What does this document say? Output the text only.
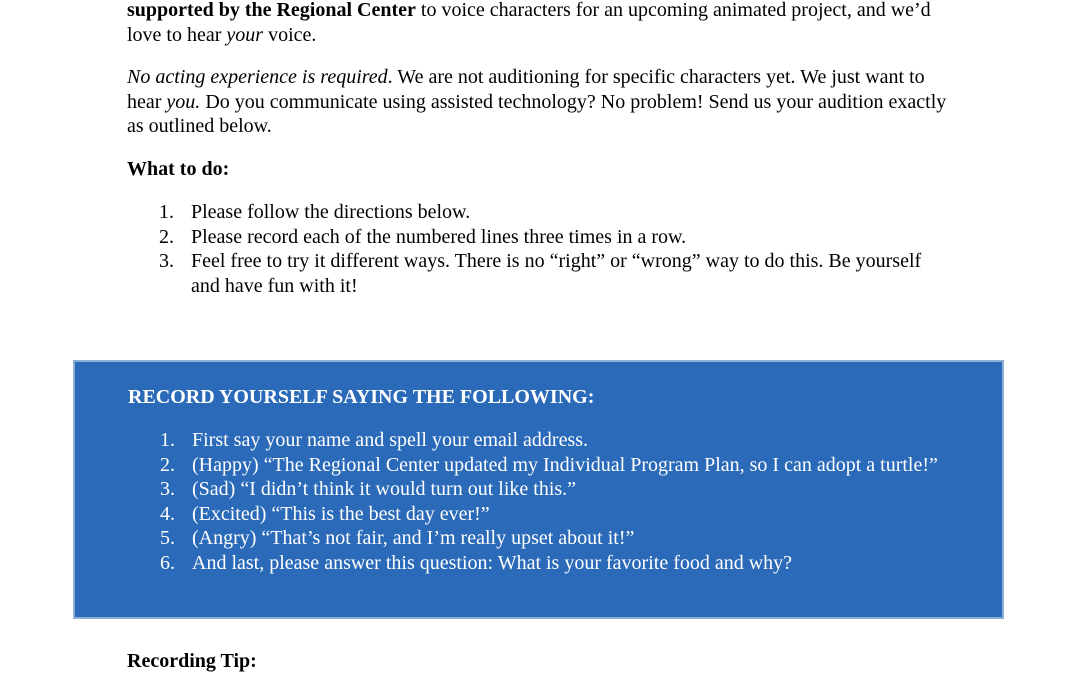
supported by the Regional Center to voice characters for an upcoming animated project, and we’d love to hear your voice.

No acting experience is required. We are not auditioning for specific characters yet. We just want to hear you. Do you communicate using assisted technology? No problem! Send us your audition exactly as outlined below.

What to do:

1. Please follow the directions below.
2. Please record each of the numbered lines three times in a row.
3. Feel free to try it different ways. There is no “right” or “wrong” way to do this. Be yourself and have fun with it!

RECORD YOURSELF SAYING THE FOLLOWING:

1. First say your name and spell your email address.
2. (Happy) “The Regional Center updated my Individual Program Plan, so I can adopt a turtle!”
3. (Sad) “I didn’t think it would turn out like this.”
4. (Excited) “This is the best day ever!”
5. (Angry) “That’s not fair, and I’m really upset about it!”
6. And last, please answer this question: What is your favorite food and why?

Recording Tip:
